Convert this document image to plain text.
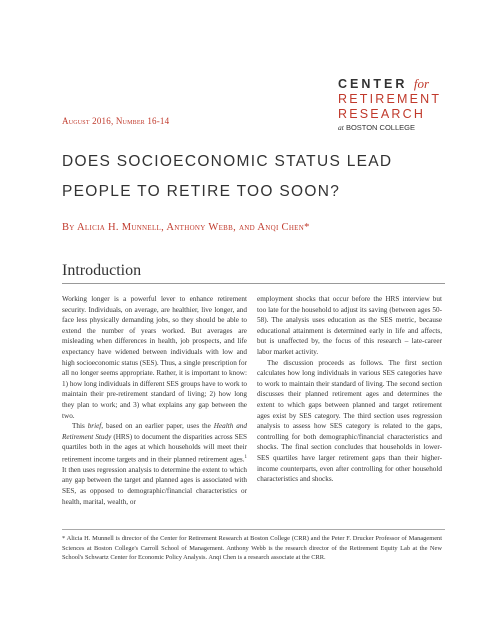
CENTER for
RETIREMENT
RESEARCH
at BOSTON COLLEGE
August 2016, Number 16-14
DOES SOCIOECONOMIC STATUS LEAD PEOPLE TO RETIRE TOO SOON?
By Alicia H. Munnell, Anthony Webb, and Anqi Chen*
Introduction

Working longer is a powerful lever to enhance retirement security. Individuals, on average, are healthier, live longer, and face less physically demanding jobs, so they should be able to extend the number of years worked. But averages are misleading when differences in health, job prospects, and life expectancy have widened between individuals with low and high socioeconomic status (SES). Thus, a single prescription for all no longer seems appropriate. Rather, it is important to know: 1) how long individuals in different SES groups have to work to maintain their pre-retirement standard of living; 2) how long they plan to work; and 3) what explains any gap between the two.

This brief, based on an earlier paper, uses the Health and Retirement Study (HRS) to document the disparities across SES quartiles both in the ages at which households will meet their retirement income targets and in their planned retirement ages.$^1$ It then uses regression analysis to determine the extent to which any gap between the target and planned ages is associated with SES, as opposed to demographic/financial characteristics or health, marital, wealth, or

employment shocks that occur before the HRS interview but too late for the household to adjust its saving (between ages 50-58). The analysis uses education as the SES metric, because educational attainment is determined early in life and affects, but is unaffected by, the focus of this research – late-career labor market activity.

The discussion proceeds as follows. The first section calculates how long individuals in various SES categories have to work to maintain their standard of living. The second section discusses their planned retirement ages and determines the extent to which gaps between planned and target retirement ages exist by SES category. The third section uses regression analysis to assess how SES category is related to the gaps, controlling for both demographic/financial characteristics and shocks. The final section concludes that households in lower-SES quartiles have larger retirement gaps than their higher-income counterparts, even after controlling for other household characteristics and shocks.

* Alicia H. Munnell is director of the Center for Retirement Research at Boston College (CRR) and the Peter F. Drucker Professor of Management Sciences at Boston College's Carroll School of Management. Anthony Webb is the research director of the Retirement Equity Lab at the New School's Schwartz Center for Economic Policy Analysis. Anqi Chen is a research associate at the CRR.
